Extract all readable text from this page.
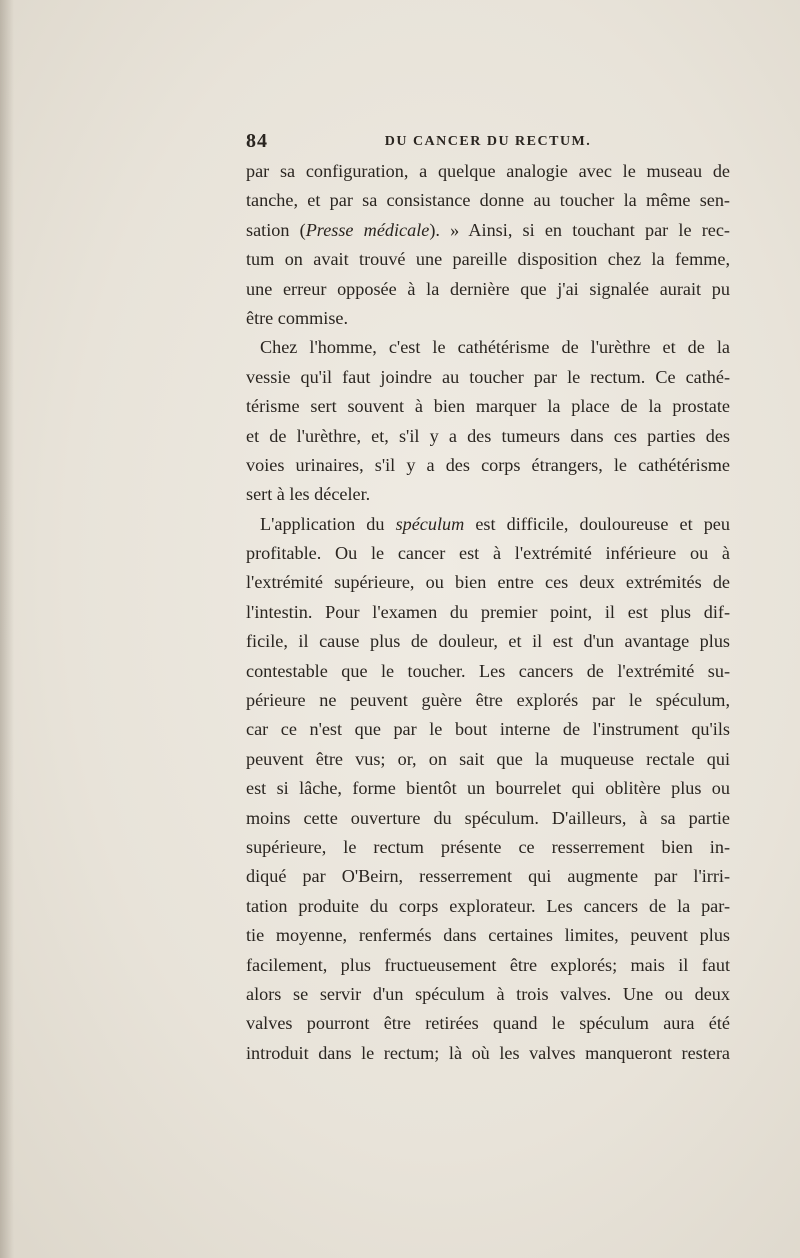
84	DU CANCER DU RECTUM.
par sa configuration, a quelque analogie avec le museau de
tanche, et par sa consistance donne au toucher la même sen-
sation (Presse médicale). » Ainsi, si en touchant par le rec-
tum on avait trouvé une pareille disposition chez la femme,
une erreur opposée à la dernière que j'ai signalée aurait pu
être commise.
Chez l'homme, c'est le cathétérisme de l'urèthre et de la
vessie qu'il faut joindre au toucher par le rectum. Ce cathé-
térisme sert souvent à bien marquer la place de la prostate
et de l'urèthre, et, s'il y a des tumeurs dans ces parties des
voies urinaires, s'il y a des corps étrangers, le cathétérisme
sert à les déceler.
L'application du spéculum est difficile, douloureuse et peu
profitable. Ou le cancer est à l'extrémité inférieure ou à
l'extrémité supérieure, ou bien entre ces deux extrémités de
l'intestin. Pour l'examen du premier point, il est plus dif-
ficile, il cause plus de douleur, et il est d'un avantage plus
contestable que le toucher. Les cancers de l'extrémité su-
périeure ne peuvent guère être explorés par le spéculum,
car ce n'est que par le bout interne de l'instrument qu'ils
peuvent être vus; or, on sait que la muqueuse rectale qui
est si lâche, forme bientôt un bourrelet qui oblitère plus ou
moins cette ouverture du spéculum. D'ailleurs, à sa partie
supérieure, le rectum présente ce resserrement bien in-
diqué par O'Beirn, resserrement qui augmente par l'irri-
tation produite du corps explorateur. Les cancers de la par-
tie moyenne, renfermés dans certaines limites, peuvent plus
facilement, plus fructueusement être explorés; mais il faut
alors se servir d'un spéculum à trois valves. Une ou deux
valves pourront être retirées quand le spéculum aura été
introduit dans le rectum; là où les valves manqueront restera
